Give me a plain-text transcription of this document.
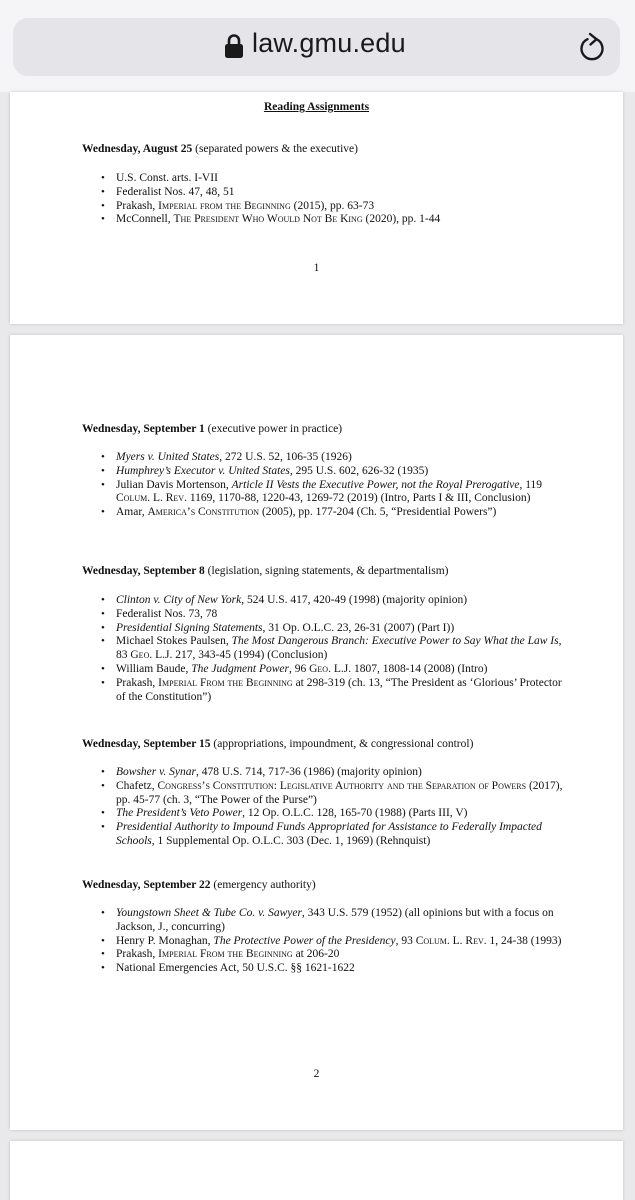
law.gmu.edu
Reading Assignments
Wednesday, August 25 (separated powers & the executive)
• U.S. Const. arts. I-VII
• Federalist Nos. 47, 48, 51
• Prakash, Imperial from the Beginning (2015), pp. 63-73
• McConnell, The President Who Would Not Be King (2020), pp. 1-44
1
Wednesday, September 1 (executive power in practice)
• Myers v. United States, 272 U.S. 52, 106-35 (1926)
• Humphrey’s Executor v. United States, 295 U.S. 602, 626-32 (1935)
• Julian Davis Mortenson, Article II Vests the Executive Power, not the Royal Prerogative, 119 Colum. L. Rev. 1169, 1170-88, 1220-43, 1269-72 (2019) (Intro, Parts I & III, Conclusion)
• Amar, America’s Constitution (2005), pp. 177-204 (Ch. 5, “Presidential Powers”)
Wednesday, September 8 (legislation, signing statements, & departmentalism)
• Clinton v. City of New York, 524 U.S. 417, 420-49 (1998) (majority opinion)
• Federalist Nos. 73, 78
• Presidential Signing Statements, 31 Op. O.L.C. 23, 26-31 (2007) (Part I))
• Michael Stokes Paulsen, The Most Dangerous Branch: Executive Power to Say What the Law Is, 83 Geo. L.J. 217, 343-45 (1994) (Conclusion)
• William Baude, The Judgment Power, 96 Geo. L.J. 1807, 1808-14 (2008) (Intro)
• Prakash, Imperial From the Beginning at 298-319 (ch. 13, “The President as ‘Glorious’ Protector of the Constitution”)
Wednesday, September 15 (appropriations, impoundment, & congressional control)
• Bowsher v. Synar, 478 U.S. 714, 717-36 (1986) (majority opinion)
• Chafetz, Congress’s Constitution: Legislative Authority and the Separation of Powers (2017), pp. 45-77 (ch. 3, “The Power of the Purse”)
• The President’s Veto Power, 12 Op. O.L.C. 128, 165-70 (1988) (Parts III, V)
• Presidential Authority to Impound Funds Appropriated for Assistance to Federally Impacted Schools, 1 Supplemental Op. O.L.C. 303 (Dec. 1, 1969) (Rehnquist)
Wednesday, September 22 (emergency authority)
• Youngstown Sheet & Tube Co. v. Sawyer, 343 U.S. 579 (1952) (all opinions but with a focus on Jackson, J., concurring)
• Henry P. Monaghan, The Protective Power of the Presidency, 93 Colum. L. Rev. 1, 24-38 (1993)
• Prakash, Imperial From the Beginning at 206-20
• National Emergencies Act, 50 U.S.C. §§ 1621-1622
2
